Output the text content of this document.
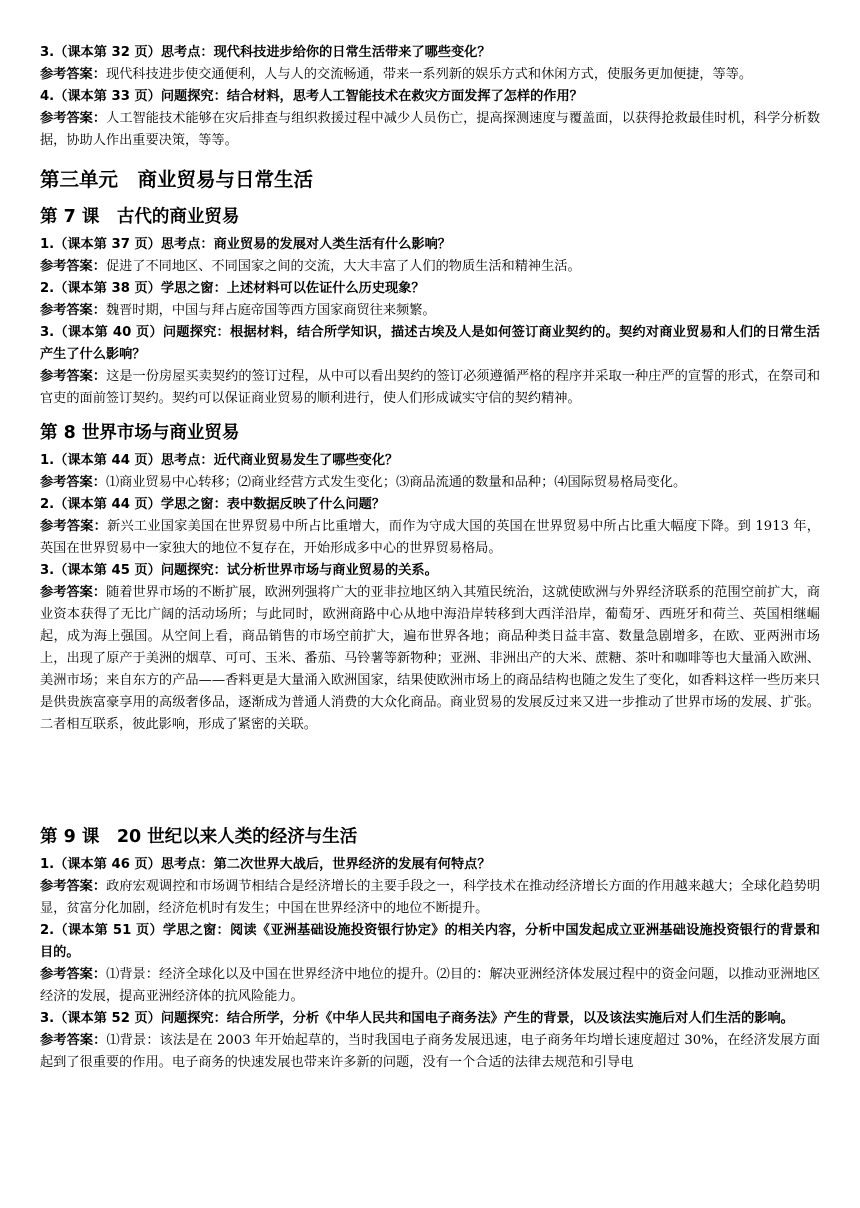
3.（课本第 32 页）思考点：现代科技进步给你的日常生活带来了哪些变化？

参考答案：现代科技进步使交通便利，人与人的交流畅通，带来一系列新的娱乐方式和休闲方式，使服务更加便捷，等等。

4.（课本第 33 页）问题探究：结合材料，思考人工智能技术在救灾方面发挥了怎样的作用？

参考答案：人工智能技术能够在灾后排查与组织救援过程中减少人员伤亡，提高探测速度与覆盖面，以获得抢救最佳时机，科学分析数据，协助人作出重要决策，等等。

第三单元　商业贸易与日常生活
第 7 课　古代的商业贸易

1.（课本第 37 页）思考点：商业贸易的发展对人类生活有什么影响？

参考答案：促进了不同地区、不同国家之间的交流，大大丰富了人们的物质生活和精神生活。

2.（课本第 38 页）学思之窗：上述材料可以佐证什么历史现象？

参考答案：魏晋时期，中国与拜占庭帝国等西方国家商贸往来频繁。

3.（课本第 40 页）问题探究：根据材料，结合所学知识，描述古埃及人是如何签订商业契约的。契约对商业贸易和人们的日常生活产生了什么影响？

参考答案：这是一份房屋买卖契约的签订过程，从中可以看出契约的签订必须遵循严格的程序并采取一种庄严的宣誓的形式，在祭司和官吏的面前签订契约。契约可以保证商业贸易的顺利进行，使人们形成诚实守信的契约精神。

第 8 世界市场与商业贸易

1.（课本第 44 页）思考点：近代商业贸易发生了哪些变化？

参考答案：⑴商业贸易中心转移；⑵商业经营方式发生变化；⑶商品流通的数量和品种；⑷国际贸易格局变化。

2.（课本第 44 页）学思之窗：表中数据反映了什么问题？

参考答案：新兴工业国家美国在世界贸易中所占比重增大，而作为守成大国的英国在世界贸易中所占比重大幅度下降。到 1913 年，英国在世界贸易中一家独大的地位不复存在，开始形成多中心的世界贸易格局。

3.（课本第 45 页）问题探究：试分析世界市场与商业贸易的关系。

参考答案：随着世界市场的不断扩展，欧洲列强将广大的亚非拉地区纳入其殖民统治，这就使欧洲与外界经济联系的范围空前扩大，商业资本获得了无比广阔的活动场所；与此同时，欧洲商路中心从地中海沿岸转移到大西洋沿岸，葡萄牙、西班牙和荷兰、英国相继崛起，成为海上强国。从空间上看，商品销售的市场空前扩大，遍布世界各地；商品种类日益丰富、数量急剧增多，在欧、亚两洲市场上，出现了原产于美洲的烟草、可可、玉米、番茄、马铃薯等新物种；亚洲、非洲出产的大米、蔗糖、茶叶和咖啡等也大量涌入欧洲、美洲市场；来自东方的产品——香料更是大量涌入欧洲国家，结果使欧洲市场上的商品结构也随之发生了变化，如香料这样一些历来只是供贵族富豪享用的高级奢侈品，逐渐成为普通人消费的大众化商品。商业贸易的发展反过来又进一步推动了世界市场的发展、扩张。二者相互联系，彼此影响，形成了紧密的关联。

第 9 课　20 世纪以来人类的经济与生活

1.（课本第 46 页）思考点：第二次世界大战后，世界经济的发展有何特点？

参考答案：政府宏观调控和市场调节相结合是经济增长的主要手段之一，科学技术在推动经济增长方面的作用越来越大；全球化趋势明显，贫富分化加剧，经济危机时有发生；中国在世界经济中的地位不断提升。

2.（课本第 51 页）学思之窗：阅读《亚洲基础设施投资银行协定》的相关内容，分析中国发起成立亚洲基础设施投资银行的背景和目的。

参考答案：⑴背景：经济全球化以及中国在世界经济中地位的提升。⑵目的：解决亚洲经济体发展过程中的资金问题，以推动亚洲地区经济的发展，提高亚洲经济体的抗风险能力。

3.（课本第 52 页）问题探究：结合所学，分析《中华人民共和国电子商务法》产生的背景，以及该法实施后对人们生活的影响。

参考答案：⑴背景：该法是在 2003 年开始起草的，当时我国电子商务发展迅速，电子商务年均增长速度超过 30%，在经济发展方面起到了很重要的作用。电子商务的快速发展也带来许多新的问题，没有一个合适的法律去规范和引导电
